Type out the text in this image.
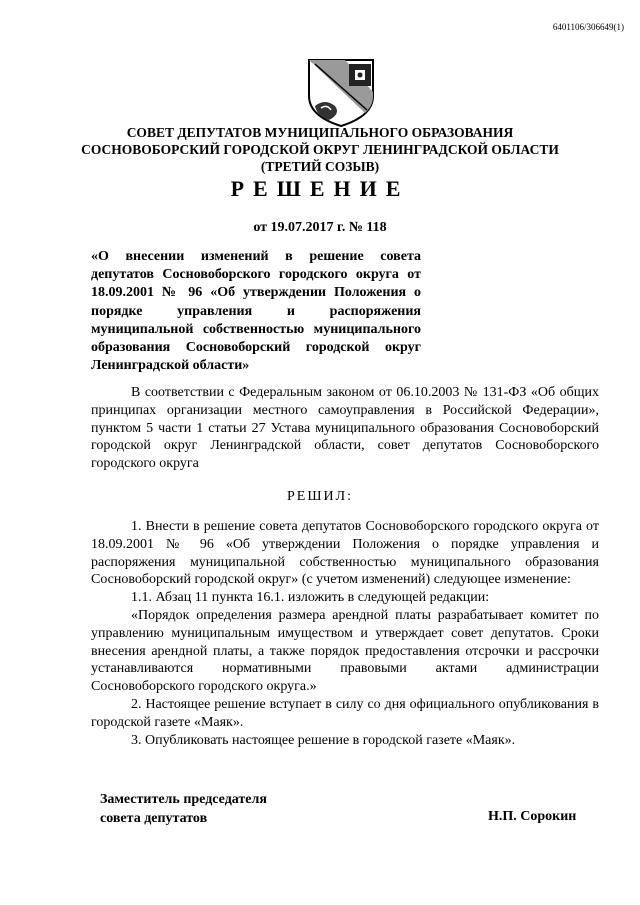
6401106/306649(1)
СОВЕТ ДЕПУТАТОВ МУНИЦИПАЛЬНОГО ОБРАЗОВАНИЯ
СОСНОВОБОРСКИЙ ГОРОДСКОЙ ОКРУГ ЛЕНИНГРАДСКОЙ ОБЛАСТИ
(ТРЕТИЙ СОЗЫВ)
РЕШЕНИЕ
от 19.07.2017 г. № 118

«О внесении изменений в решение совета депутатов Сосновоборского городского округа от 18.09.2001 № 96 «Об утверждении Положения о порядке управления и распоряжения муниципальной собственностью муниципального образования Сосновоборский городской округ Ленинградской области»

В соответствии с Федеральным законом от 06.10.2003 № 131-ФЗ «Об общих принципах организации местного самоуправления в Российской Федерации», пунктом 5 части 1 статьи 27 Устава муниципального образования Сосновоборский городской округ Ленинградской области, совет депутатов Сосновоборского городского округа

РЕШИЛ:

1. Внести в решение совета депутатов Сосновоборского городского округа от 18.09.2001 № 96 «Об утверждении Положения о порядке управления и распоряжения муниципальной собственностью муниципального образования Сосновоборский городской округ» (с учетом изменений) следующее изменение:

1.1. Абзац 11 пункта 16.1. изложить в следующей редакции:

«Порядок определения размера арендной платы разрабатывает комитет по управлению муниципальным имуществом и утверждает совет депутатов. Сроки внесения арендной платы, а также порядок предоставления отсрочки и рассрочки устанавливаются нормативными правовыми актами администрации Сосновоборского городского округа.»

2. Настоящее решение вступает в силу со дня официального опубликования в городской газете «Маяк».

3. Опубликовать настоящее решение в городской газете «Маяк».

Заместитель председателя
совета депутатов	Н.П. Сорокин
